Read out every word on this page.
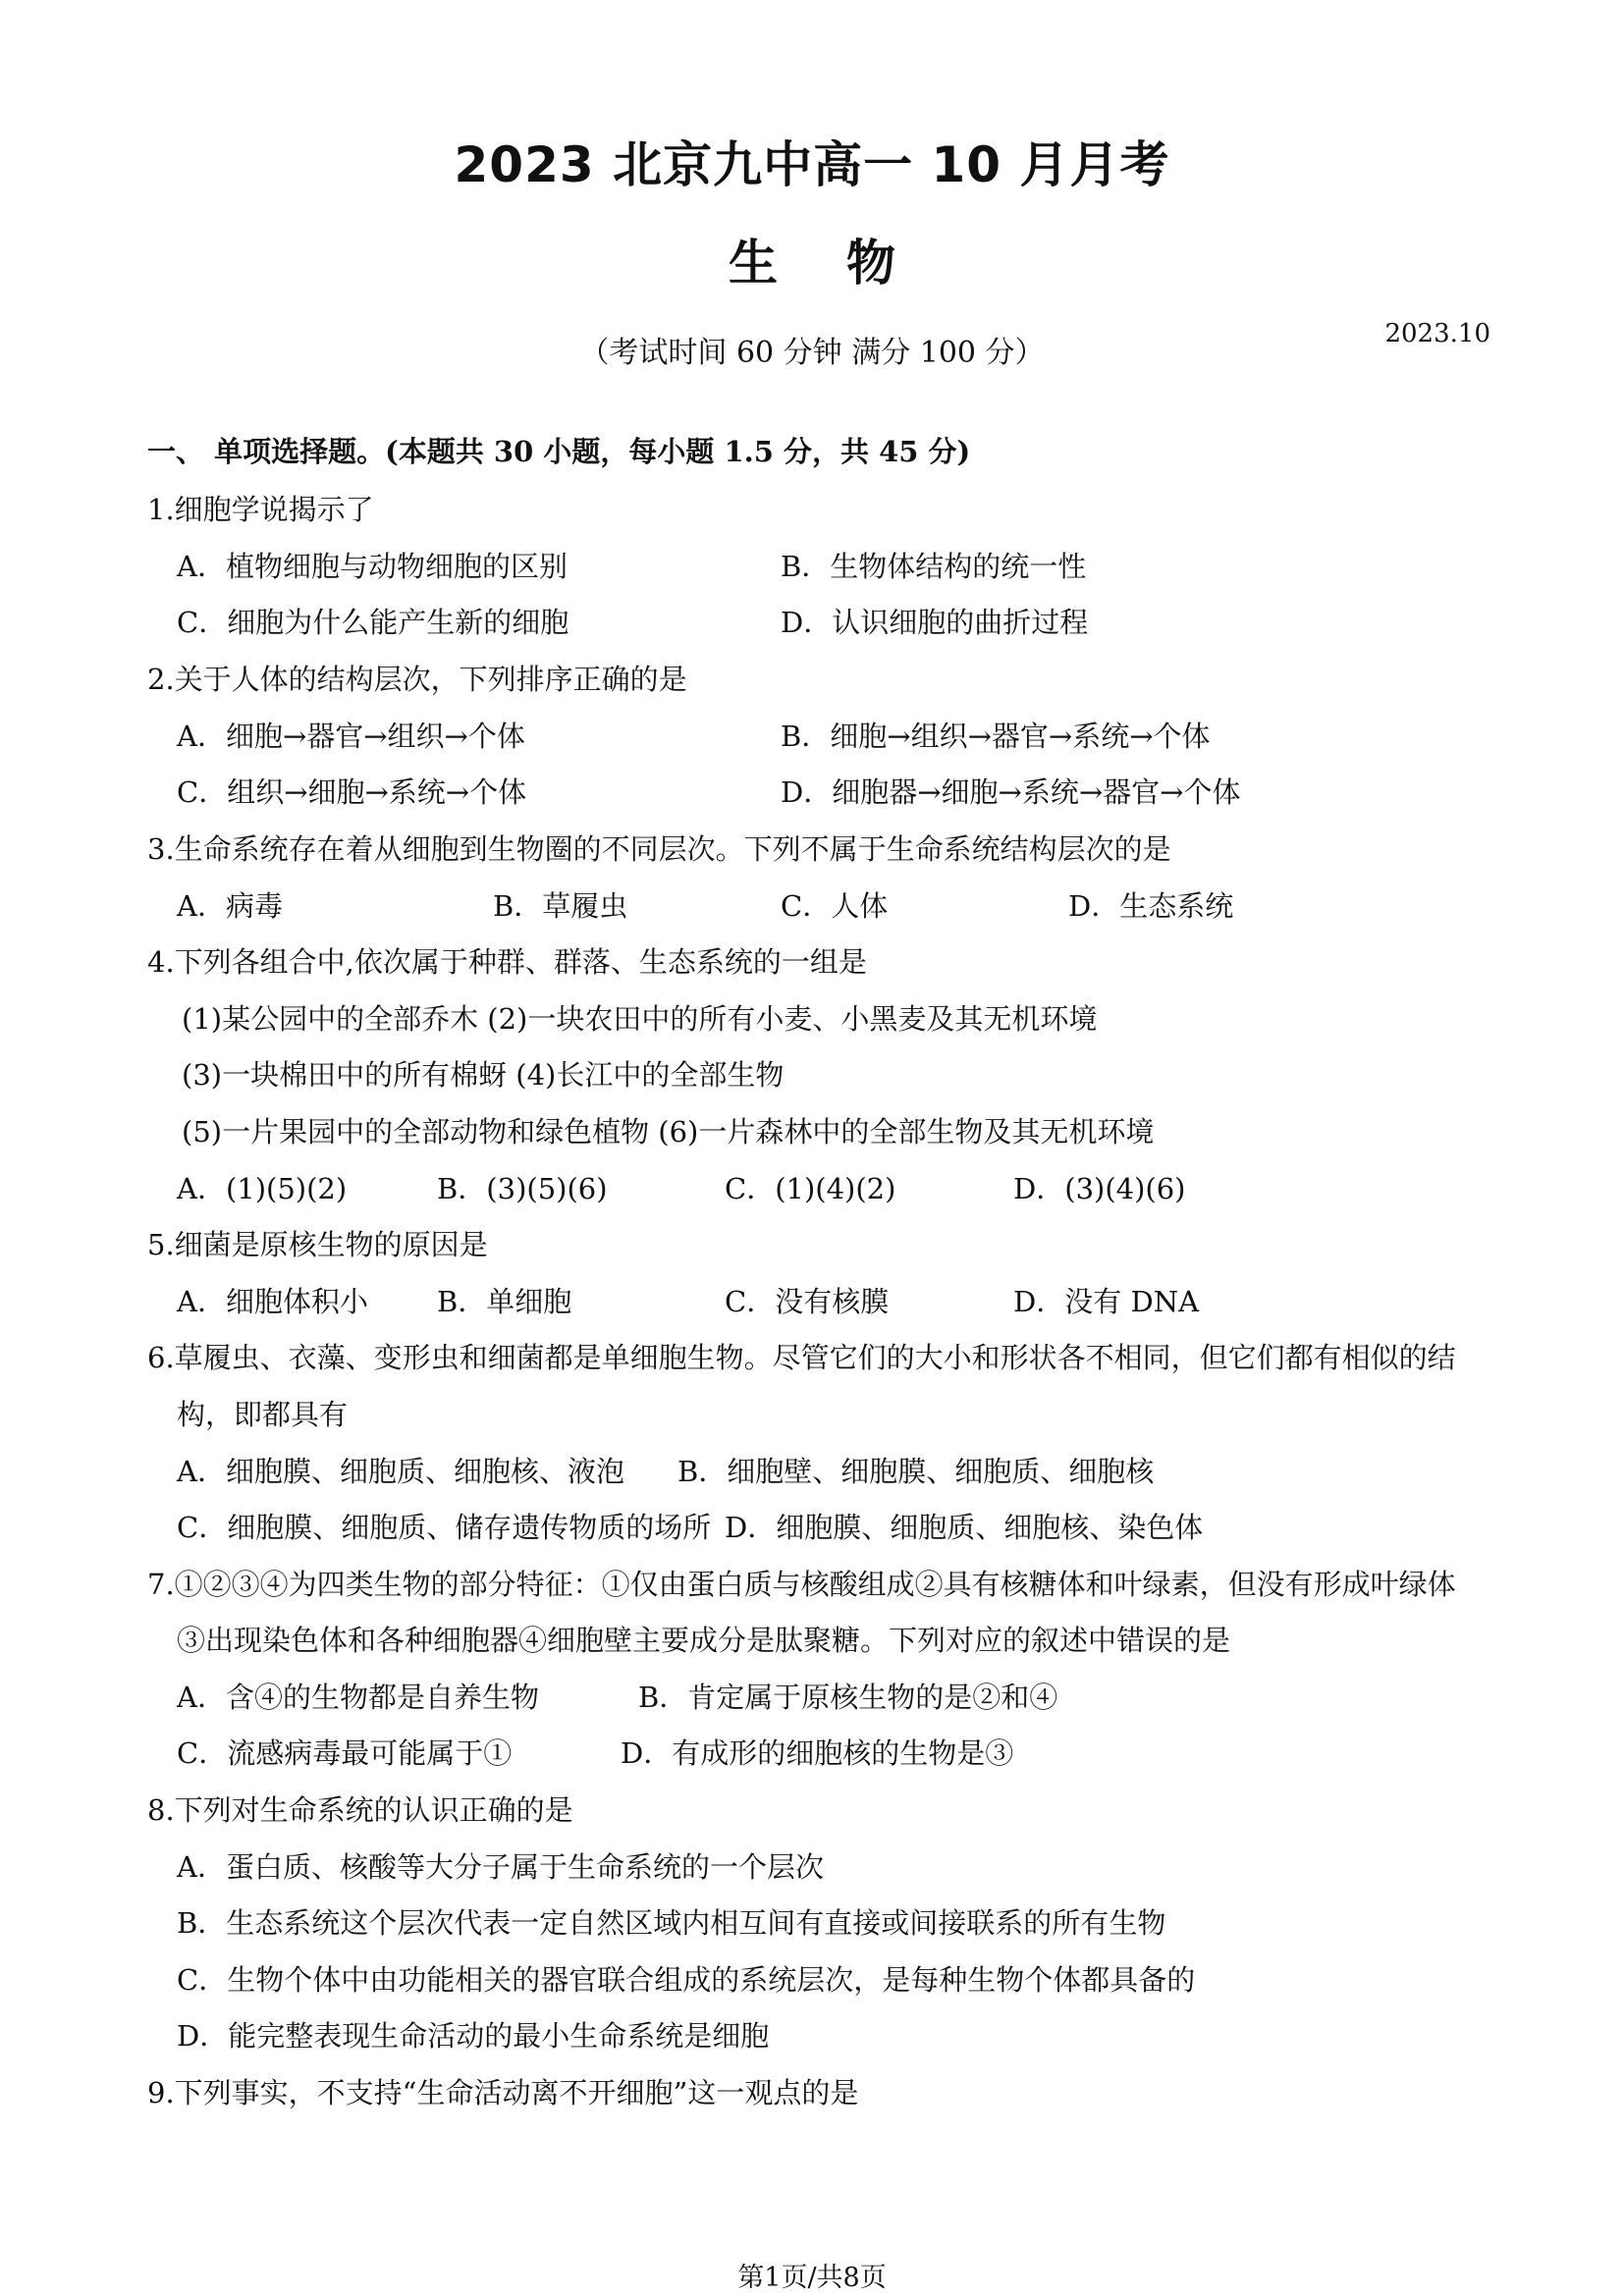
2023 北京九中高一 10 月月考
生物
2023.10
（考试时间 60 分钟 满分 100 分）
一、 单项选择题。(本题共 30 小题，每小题 1.5 分，共 45 分)
1.细胞学说揭示了
A．植物细胞与动物细胞的区别	B．生物体结构的统一性
C．细胞为什么能产生新的细胞	D．认识细胞的曲折过程
2.关于人体的结构层次，下列排序正确的是
A．细胞→器官→组织→个体	B．细胞→组织→器官→系统→个体
C．组织→细胞→系统→个体	D．细胞器→细胞→系统→器官→个体
3.生命系统存在着从细胞到生物圈的不同层次。下列不属于生命系统结构层次的是
A．病毒	B．草履虫	C．人体	D．生态系统
4.下列各组合中,依次属于种群、群落、生态系统的一组是
(1)某公园中的全部乔木 (2)一块农田中的所有小麦、小黑麦及其无机环境
(3)一块棉田中的所有棉蚜 (4)长江中的全部生物
(5)一片果园中的全部动物和绿色植物 (6)一片森林中的全部生物及其无机环境
A．(1)(5)(2)	B．(3)(5)(6)	C．(1)(4)(2)	D．(3)(4)(6)
5.细菌是原核生物的原因是
A．细胞体积小 B．单细胞	C．没有核膜	D．没有 DNA
6.草履虫、衣藻、变形虫和细菌都是单细胞生物。尽管它们的大小和形状各不相同，但它们都有相似的结
构，即都具有
A．细胞膜、细胞质、细胞核、液泡 B．细胞壁、细胞膜、细胞质、细胞核
C．细胞膜、细胞质、储存遗传物质的场所 D．细胞膜、细胞质、细胞核、染色体
7.①②③④为四类生物的部分特征：①仅由蛋白质与核酸组成②具有核糖体和叶绿素，但没有形成叶绿体
③出现染色体和各种细胞器④细胞壁主要成分是肽聚糖。下列对应的叙述中错误的是
A．含④的生物都是自养生物	B．肯定属于原核生物的是②和④
C．流感病毒最可能属于①	D．有成形的细胞核的生物是③
8.下列对生命系统的认识正确的是
A．蛋白质、核酸等大分子属于生命系统的一个层次
B．生态系统这个层次代表一定自然区域内相互间有直接或间接联系的所有生物
C．生物个体中由功能相关的器官联合组成的系统层次，是每种生物个体都具备的
D．能完整表现生命活动的最小生命系统是细胞
9.下列事实，不支持“生命活动离不开细胞”这一观点的是
第1页/共8页
